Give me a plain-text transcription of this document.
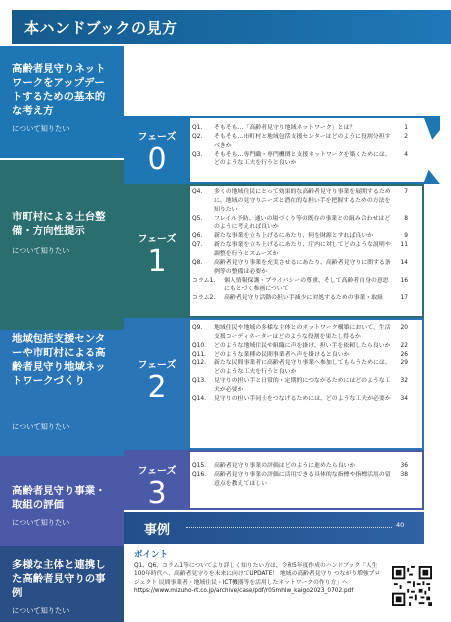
本ハンドブックの見方
高齢者見守りネットワークをアップデートするための基本的な考え方
について知りたい
市町村による土台整備・方向性提示
について知りたい
地域包括支援センターや市町村による高齢者見守り地域ネットワークづくり
について知りたい
高齢者見守り事業・取組の評価
について知りたい
多様な主体と連携した高齢者見守りの事例
について知りたい
フェーズ
0
フェーズ
1
フェーズ
2
フェーズ
3
Q1.	そもそも…「高齢者見守り地域ネットワーク」とは？	1
Q2.	そもそも…市町村と地域包括支援センターはどのように役割分担すべきか
2
Q3.	そもそも…専門職・専門機関と支援ネットワークを築くためには、どのような工夫を行うと良いか
4
Q4.	多くの地域住民にとって効果的な高齢者見守り事業を展開するために、地域の見守りニーズと潜在的な担い手を把握するための方法を知りたい
7
Q5.	フレイル予防、通いの場づくり等の既存の事業との組み合わせはどのように考えれば良いか
8
Q6.	新たな事業を立ち上げるにあたり、何を財源とすれば良いか	9
Q7.	新たな事業を立ち上げるにあたり、庁内に対してどのような説明や調整を行うとスムーズか
11
Q8.	高齢者見守り事業を充実させるにあたり、高齢者見守りに関する条例等の整備は必要か
14
コラム1.	個人情報保護・プライバシーの尊重、そして高齢者自身の意思にもとづく参画について
16
コラム2.	高齢者見守り活動の担い手減少に対処するための事業・取組	17
Q9.	地域住民や地域の多様な主体とのネットワーク構築において、生活支援コーディネーターはどのような役割を果たし得るか
20
Q10.	どのような地域住民や組織に声を掛け、担い手を依頼したら良いか	22
Q11.	どのような業種の民間事業者へ声を掛けると良いか	26
Q12.	新たな民間事業者に高齢者見守り事業へ参加してもらうためには、どのような工夫を行うと良いか
29
Q13.	見守りの担い手と日常的・定期的につながるためにはどのような工夫が必要か
32
Q14.	見守りの担い手同士をつなげるためには、どのような工夫が必要か	34
Q15.	高齢者見守り事業の評価はどのように進めたら良いか	36
Q16.	高齢者見守り事業の評価に活用できる具体的な指標や指標活用の留意点を教えてほしい
38
事例	40
ポイント
Q1、Q6、コラム1等についてより詳しく知りたい方は、令和5年度作成のハンドブック「人生100年時代へ、高齢者見守りを未来に向けてUPDATE！ 地域の高齢者見守り つながり増強プロジェクト 民間事業者・地域住民・ICT機器等を活用したネットワークの作り方」へ https://www.mizuho-rt.co.jp/archive/case/pdf/r05mhlw_kaigo2023_0702.pdf
